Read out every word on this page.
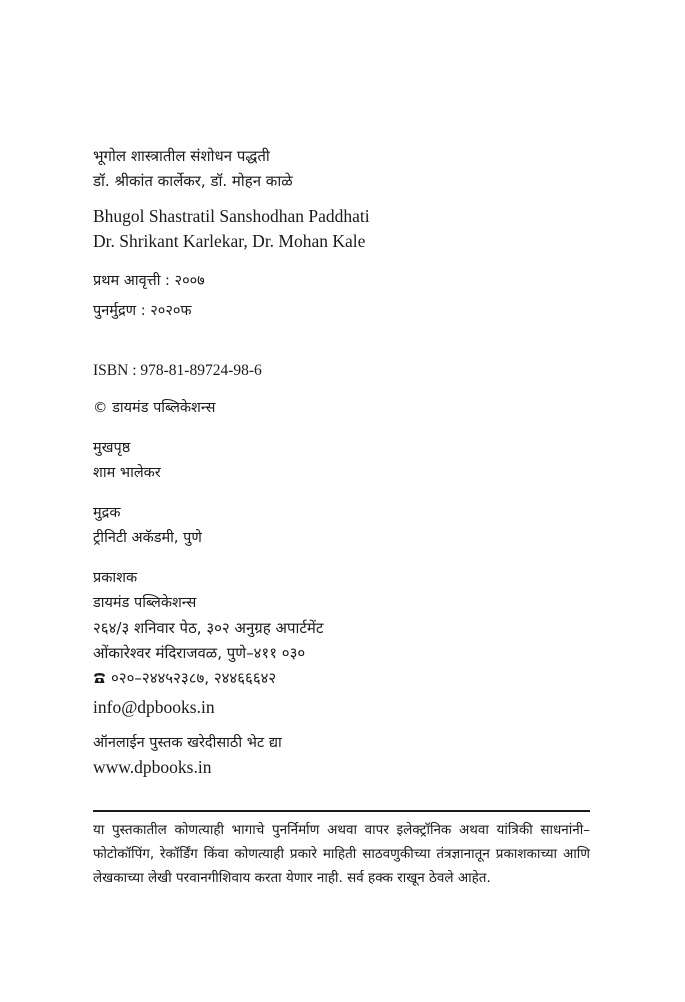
भूगोल शास्त्रातील संशोधन पद्धती
डॉ. श्रीकांत कार्लेकर, डॉ. मोहन काळे
Bhugol Shastratil Sanshodhan Paddhati
Dr. Shrikant Karlekar, Dr. Mohan Kale
प्रथम आवृत्ती : २००७
पुनर्मुद्रण : २०२०फ
ISBN : 978-81-89724-98-6
© डायमंड पब्लिकेशन्स
मुखपृष्ठ
शाम भालेकर
मुद्रक
ट्रीनिटी अकॅडमी, पुणे
प्रकाशक
डायमंड पब्लिकेशन्स
२६४/३ शनिवार पेठ, ३०२ अनुग्रह अपार्टमेंट
ओंकारेश्वर मंदिराजवळ, पुणे–४११ ०३०
०२०–२४४५२३८७, २४४६६६४२
info@dpbooks.in
ऑनलाईन पुस्तक खरेदीसाठी भेट द्या
www.dpbooks.in
या पुस्तकातील कोणत्याही भागाचे पुनर्निर्माण अथवा वापर इलेक्ट्रॉनिक अथवा यांत्रिकी साधनांनी–फोटोकॉपिंग, रेकॉर्डिंग किंवा कोणत्याही प्रकारे माहिती साठवणुकीच्या तंत्रज्ञानातून प्रकाशकाच्या आणि लेखकाच्या लेखी परवानगीशिवाय करता येणार नाही. सर्व हक्क राखून ठेवले आहेत.
